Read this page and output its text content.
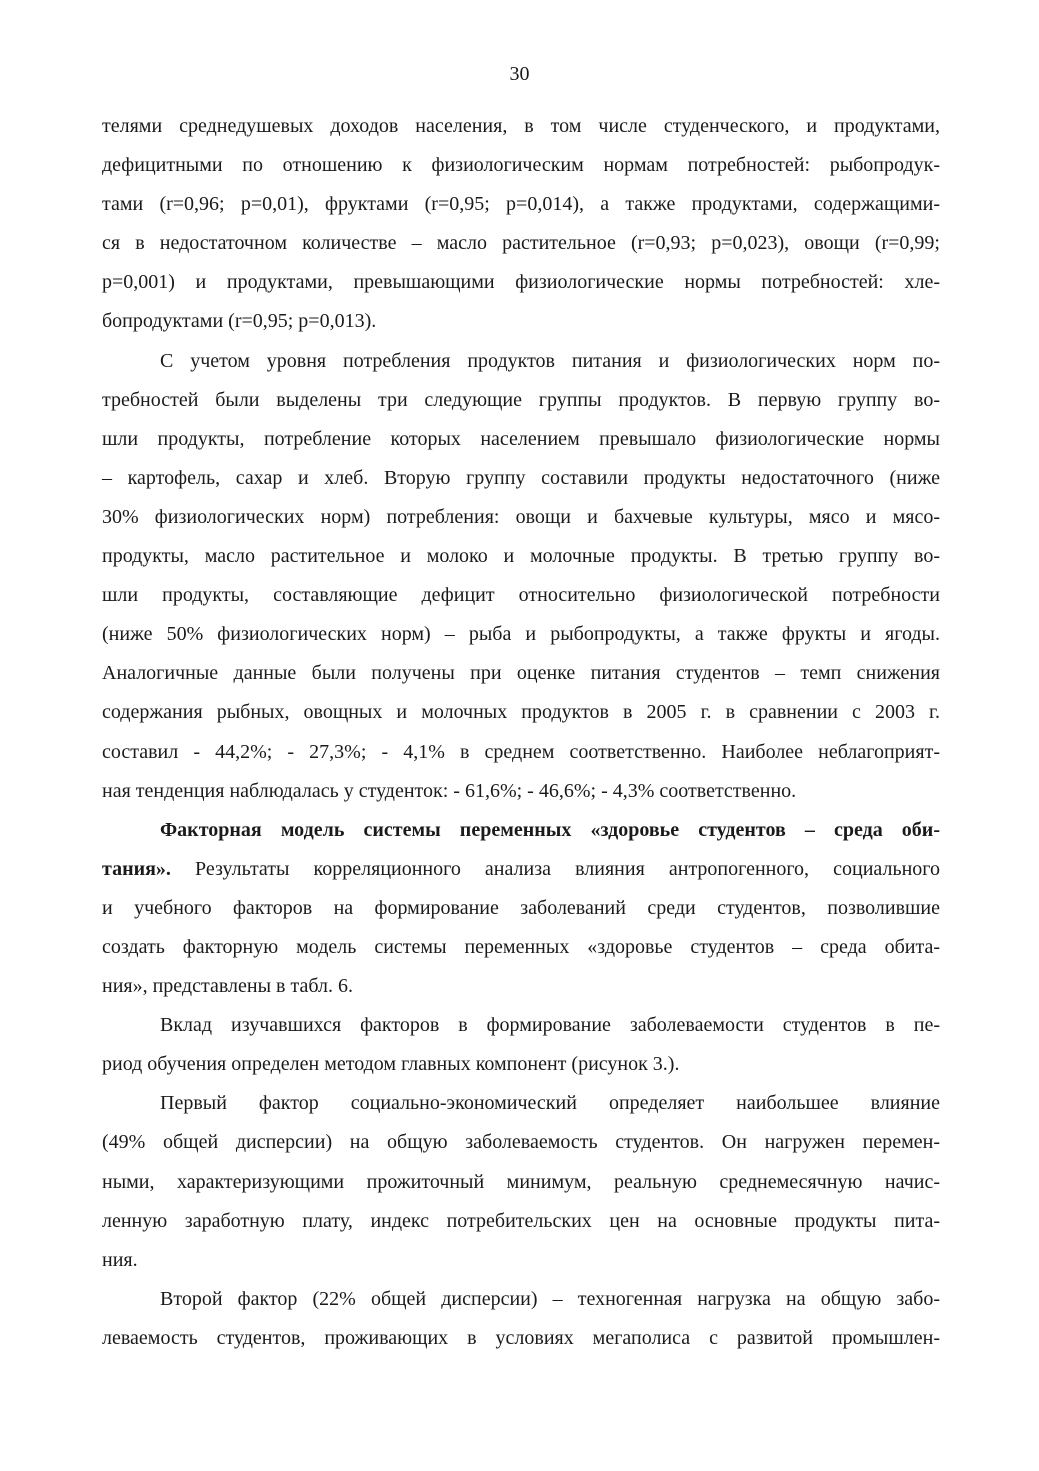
30
телями среднедушевых доходов населения, в том числе студенческого, и продуктами,
дефицитными по отношению к физиологическим нормам потребностей: рыбопродук-
тами (r=0,96; p=0,01), фруктами (r=0,95; p=0,014), а также продуктами, содержащими-
ся в недостаточном количестве – масло растительное (r=0,93; p=0,023), овощи (r=0,99;
p=0,001) и продуктами, превышающими физиологические нормы потребностей: хле-
бопродуктами (r=0,95; p=0,013).
С учетом уровня потребления продуктов питания и физиологических норм по-
требностей были выделены три следующие группы продуктов. В первую группу во-
шли продукты, потребление которых населением превышало физиологические нормы
– картофель, сахар и хлеб. Вторую группу составили продукты недостаточного (ниже
30% физиологических норм) потребления: овощи и бахчевые культуры, мясо и мясо-
продукты, масло растительное и молоко и молочные продукты. В третью группу во-
шли продукты, составляющие дефицит относительно физиологической потребности
(ниже 50% физиологических норм) – рыба и рыбопродукты, а также фрукты и ягоды.
Аналогичные данные были получены при оценке питания студентов – темп снижения
содержания рыбных, овощных и молочных продуктов в 2005 г. в сравнении с 2003 г.
составил - 44,2%; - 27,3%; - 4,1% в среднем соответственно. Наиболее неблагоприят-
ная тенденция наблюдалась у студенток: - 61,6%; - 46,6%; - 4,3% соответственно.
Факторная модель системы переменных «здоровье студентов – среда оби-
тания». Результаты корреляционного анализа влияния антропогенного, социального
и учебного факторов на формирование заболеваний среди студентов, позволившие
создать факторную модель системы переменных «здоровье студентов – среда обита-
ния», представлены в табл. 6.
Вклад изучавшихся факторов в формирование заболеваемости студентов в пе-
риод обучения определен методом главных компонент (рисунок 3.).
Первый фактор социально-экономический определяет наибольшее влияние
(49% общей дисперсии) на общую заболеваемость студентов. Он нагружен перемен-
ными, характеризующими прожиточный минимум, реальную среднемесячную начис-
ленную заработную плату, индекс потребительских цен на основные продукты пита-
ния.
Второй фактор (22% общей дисперсии) – техногенная нагрузка на общую забо-
леваемость студентов, проживающих в условиях мегаполиса с развитой промышлен-
